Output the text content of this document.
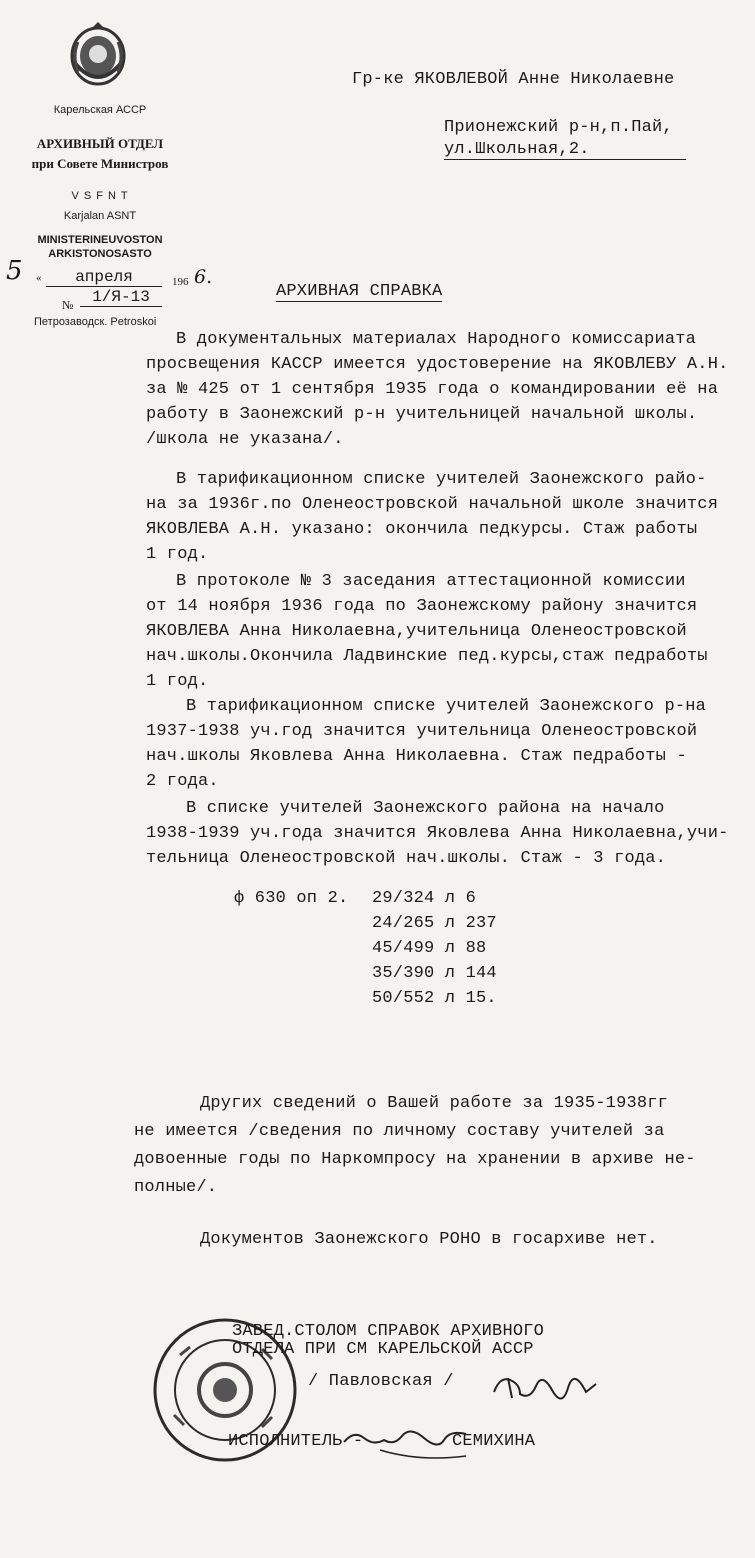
Карельская АССР
АРХИВНЫЙ ОТДЕЛ
при Совете Министров
V S F N T
Karjalan ASNT
MINISTERINEUVOSTON
ARKISTONOSASTO
5 «	апреля	196 6.
№	1/Я-13
Петрозаводск. Petroskoi
Гр-ке ЯКОВЛЕВОЙ Анне Николаевне
Прионежский р-н,п.Пай,
ул.Школьная,2.
АРХИВНАЯ СПРАВКА
В документальных материалах Народного комиссариата
просвещения КАССР имеется удостоверение на ЯКОВЛЕВУ А.Н.
за № 425 от 1 сентября 1935 года о командировании её на
работу в Заонежский р-н учительницей начальной школы.
/школа не указана/.
В тарификационном списке учителей Заонежского райо-
на за 1936г.по Оленеостровской начальной школе значится
ЯКОВЛЕВА А.Н. указано: окончила педкурсы. Стаж работы
1 год.
В протоколе № 3 заседания аттестационной комиссии
от 14 ноября 1936 года по Заонежскому району значится
ЯКОВЛЕВА Анна Николаевна,учительница Оленеостровской
нач.школы.Окончила Ладвинские пед.курсы,стаж педработы
1 год.
В тарификационном списке учителей Заонежского р-на
1937-1938 уч.год значится учительница Оленеостровской
нач.школы Яковлева Анна Николаевна. Стаж педработы -
2 года.
В списке учителей Заонежского района на начало
1938-1939 уч.года значится Яковлева Анна Николаевна,учи-
тельница Оленеостровской нач.школы. Стаж - 3 года.
ф 630 оп 2. 29/324 л 6
24/265 л 237
45/499 л 88
35/390 л 144
50/552 л 15.
Других сведений о Вашей работе за 1935-1938гг
не имеется /сведения по личному составу учителей за
довоенные годы по Наркомпросу на хранении в архиве не-
полные/.
Документов Заонежского РОНО в госархиве нет.
ЗАВЕД.СТОЛОМ СПРАВОК АРХИВНОГО
ОТДЕЛА ПРИ СМ КАРЕЛЬСКОЙ АССР
/ Павловская /
ИСПОЛНИТЕЛЬ -	СЕМИХИНА
